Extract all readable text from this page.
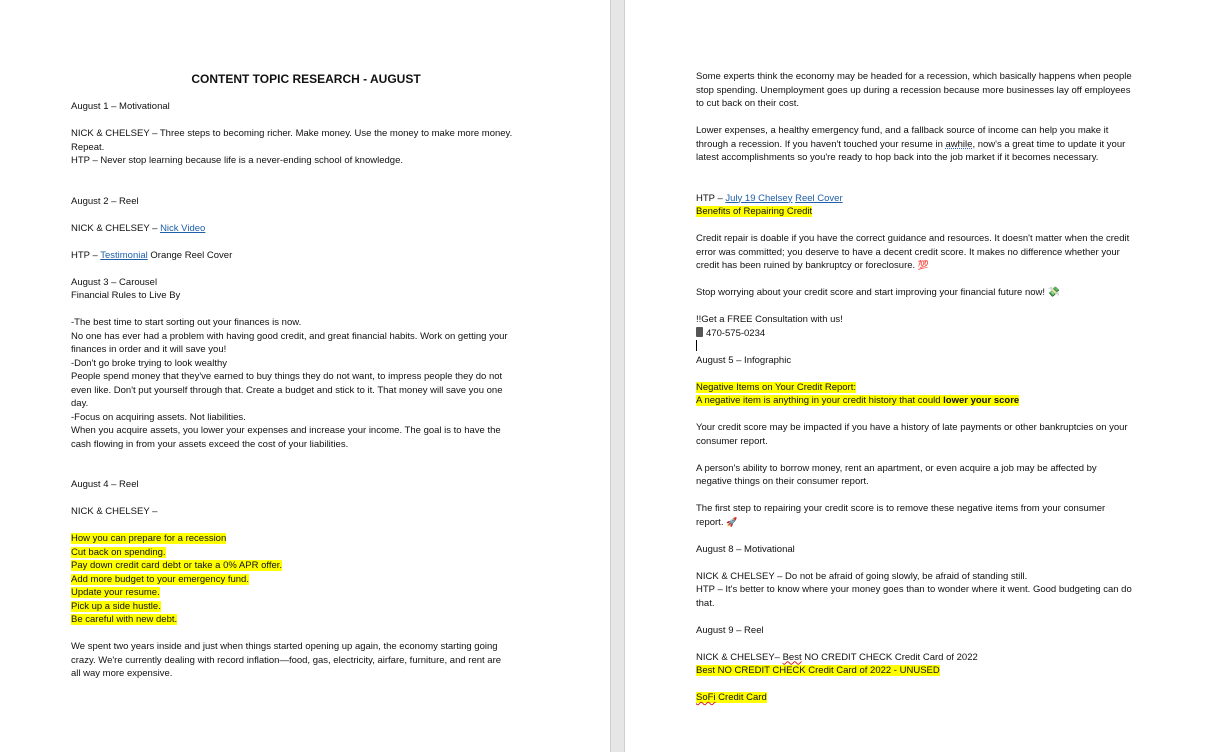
CONTENT TOPIC RESEARCH - AUGUST

August 1 – Motivational

NICK & CHELSEY – Three steps to becoming richer. Make money. Use the money to make more money.

Repeat.

HTP – Never stop learning because life is a never-ending school of knowledge.

August 2 – Reel

NICK & CHELSEY – Nick Video

HTP – Testimonial Orange Reel Cover

August 3 – Carousel

Financial Rules to Live By

-The best time to start sorting out your finances is now.

No one has ever had a problem with having good credit, and great financial habits. Work on getting your

finances in order and it will save you!

-Don't go broke trying to look wealthy

People spend money that they've earned to buy things they do not want, to impress people they do not

even like. Don't put yourself through that. Create a budget and stick to it. That money will save you one

day.

-Focus on acquiring assets. Not liabilities.

When you acquire assets, you lower your expenses and increase your income. The goal is to have the

cash flowing in from your assets exceed the cost of your liabilities.

August 4 – Reel

NICK & CHELSEY –

How you can prepare for a recession

Cut back on spending.

Pay down credit card debt or take a 0% APR offer.

Add more budget to your emergency fund.

Update your resume.

Pick up a side hustle.

Be careful with new debt.

We spent two years inside and just when things started opening up again, the economy starting going

crazy. We're currently dealing with record inflation—food, gas, electricity, airfare, furniture, and rent are

all way more expensive.

Some experts think the economy may be headed for a recession, which basically happens when people

stop spending. Unemployment goes up during a recession because more businesses lay off employees

to cut back on their cost.

Lower expenses, a healthy emergency fund, and a fallback source of income can help you make it

through a recession. If you haven't touched your resume in awhile, now's a great time to update it your

latest accomplishments so you're ready to hop back into the job market if it becomes necessary.

HTP – July 19 Chelsey Reel Cover

Benefits of Repairing Credit

Credit repair is doable if you have the correct guidance and resources. It doesn't matter when the credit

error was committed; you deserve to have a decent credit score. It makes no difference whether your

credit has been ruined by bankruptcy or foreclosure. 💯

Stop worrying about your credit score and start improving your financial future now! 💸

!!Get a FREE Consultation with us!

470-575-0234

August 5 – Infographic

Negative Items on Your Credit Report:

A negative item is anything in your credit history that could lower your score

Your credit score may be impacted if you have a history of late payments or other bankruptcies on your

consumer report.

A person's ability to borrow money, rent an apartment, or even acquire a job may be affected by

negative things on their consumer report.

The first step to repairing your credit score is to remove these negative items from your consumer

report. 🚀

August 8 – Motivational

NICK & CHELSEY – Do not be afraid of going slowly, be afraid of standing still.

HTP – It's better to know where your money goes than to wonder where it went. Good budgeting can do

that.

August 9 – Reel

NICK & CHELSEY– Best NO CREDIT CHECK Credit Card of 2022

Best NO CREDIT CHECK Credit Card of 2022 - UNUSED

SoFi Credit Card
